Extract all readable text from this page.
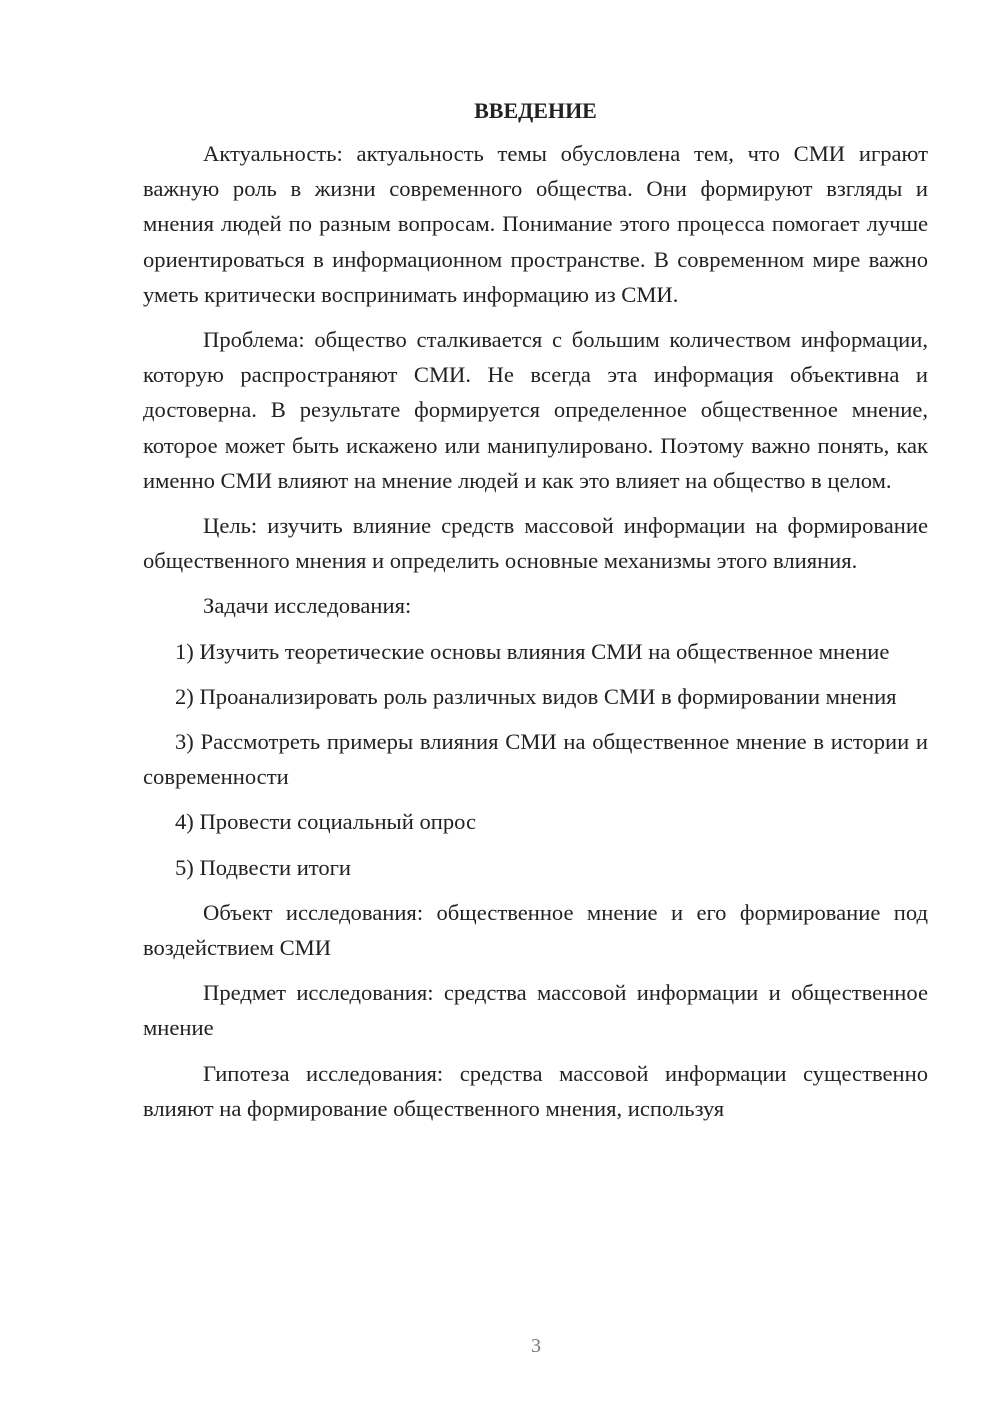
ВВЕДЕНИЕ

Актуальность: актуальность темы обусловлена тем, что СМИ играют важную роль в жизни современного общества. Они формируют взгляды и мнения людей по разным вопросам. Понимание этого процесса помогает лучше ориентироваться в информационном пространстве. В современном мире важно уметь критически воспринимать информацию из СМИ.

Проблема: общество сталкивается с большим количеством информации, которую распространяют СМИ. Не всегда эта информация объективна и достоверна. В результате формируется определенное общественное мнение, которое может быть искажено или манипулировано. Поэтому важно понять, как именно СМИ влияют на мнение людей и как это влияет на общество в целом.

Цель: изучить влияние средств массовой информации на формирование общественного мнения и определить основные механизмы этого влияния.

Задачи исследования:

1) Изучить теоретические основы влияния СМИ на общественное мнение

2) Проанализировать роль различных видов СМИ в формировании мнения

3) Рассмотреть примеры влияния СМИ на общественное мнение в истории и современности

4) Провести социальный опрос

5) Подвести итоги

Объект исследования: общественное мнение и его формирование под воздействием СМИ

Предмет исследования: средства массовой информации и общественное мнение

Гипотеза исследования: средства массовой информации существенно влияют на формирование общественного мнения, используя

3
